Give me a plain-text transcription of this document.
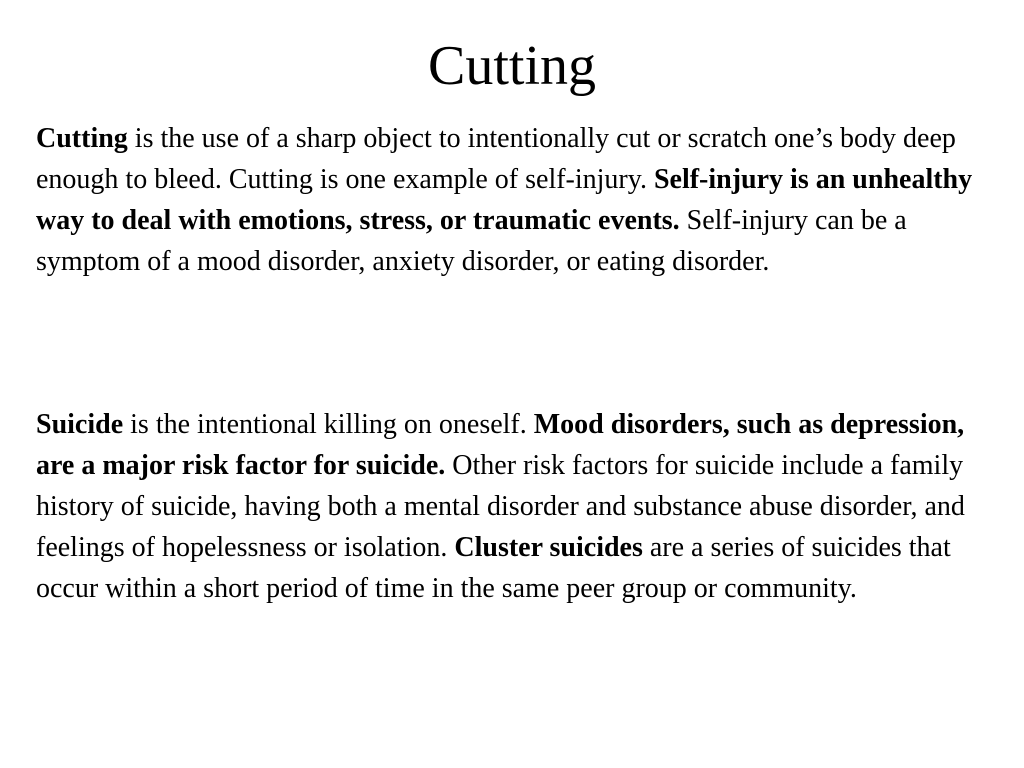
Cutting

Cutting is the use of a sharp object to intentionally cut or scratch one’s body deep enough to bleed. Cutting is one example of self-injury. Self-injury is an unhealthy way to deal with emotions, stress, or traumatic events. Self-injury can be a symptom of a mood disorder, anxiety disorder, or eating disorder.

Suicide is the intentional killing on oneself. Mood disorders, such as depression, are a major risk factor for suicide. Other risk factors for suicide include a family history of suicide, having both a mental disorder and substance abuse disorder, and feelings of hopelessness or isolation. Cluster suicides are a series of suicides that occur within a short period of time in the same peer group or community.
